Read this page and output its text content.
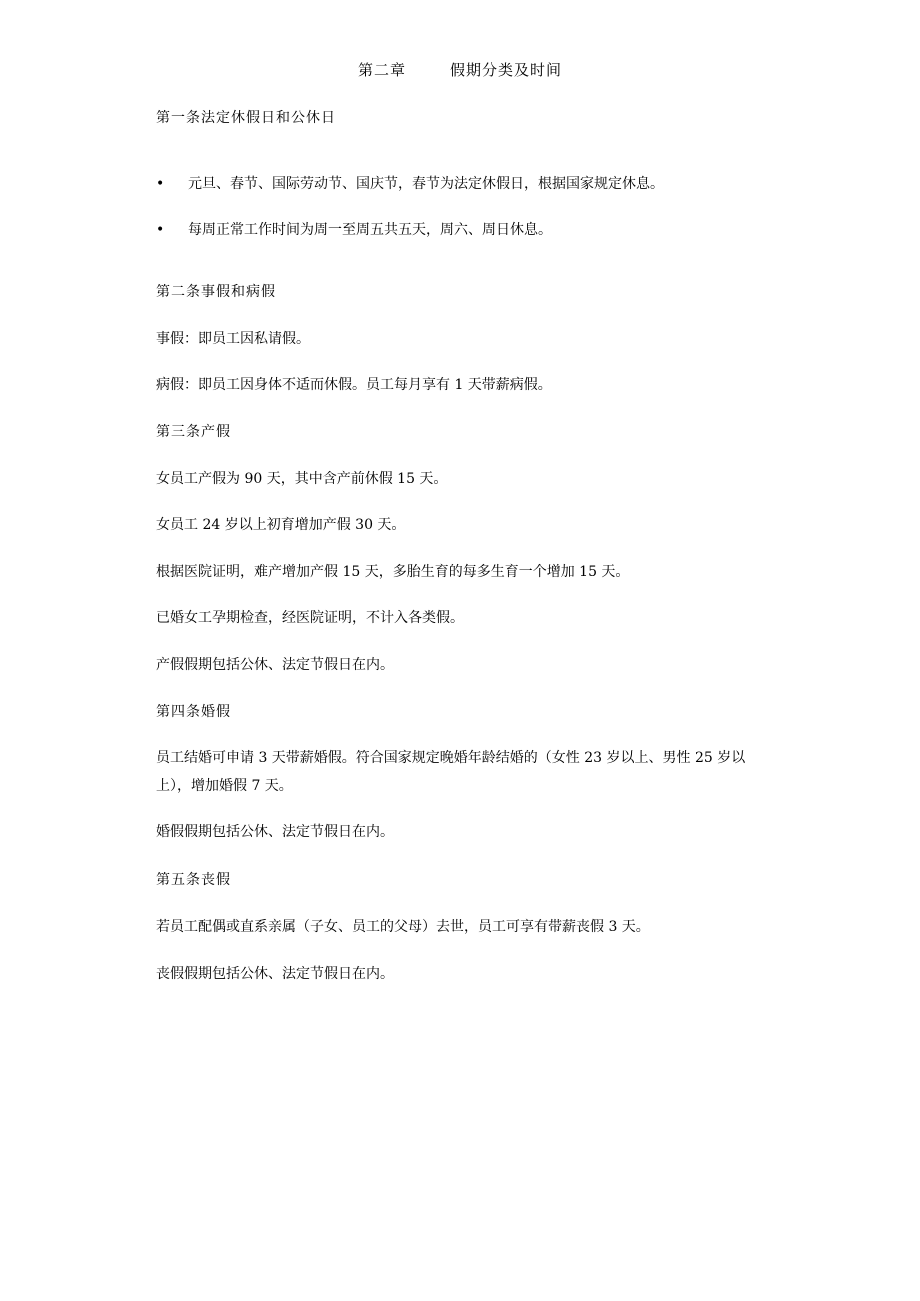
第二章	假期分类及时间
第一条法定休假日和公休日
• 元旦、春节、国际劳动节、国庆节，春节为法定休假日，根据国家规定休息。
• 每周正常工作时间为周一至周五共五天，周六、周日休息。
第二条事假和病假
事假：即员工因私请假。
病假：即员工因身体不适而休假。员工每月享有 1 天带薪病假。
第三条产假
女员工产假为 90 天，其中含产前休假 15 天。
女员工 24 岁以上初育增加产假 30 天。
根据医院证明，难产增加产假 15 天，多胎生育的每多生育一个增加 15 天。
已婚女工孕期检查，经医院证明，不计入各类假。
产假假期包括公休、法定节假日在内。
第四条婚假
员工结婚可申请 3 天带薪婚假。符合国家规定晚婚年龄结婚的（女性 23 岁以上、男性 25 岁以上），增加婚假 7 天。
婚假假期包括公休、法定节假日在内。
第五条丧假
若员工配偶或直系亲属（子女、员工的父母）去世，员工可享有带薪丧假 3 天。
丧假假期包括公休、法定节假日在内。
